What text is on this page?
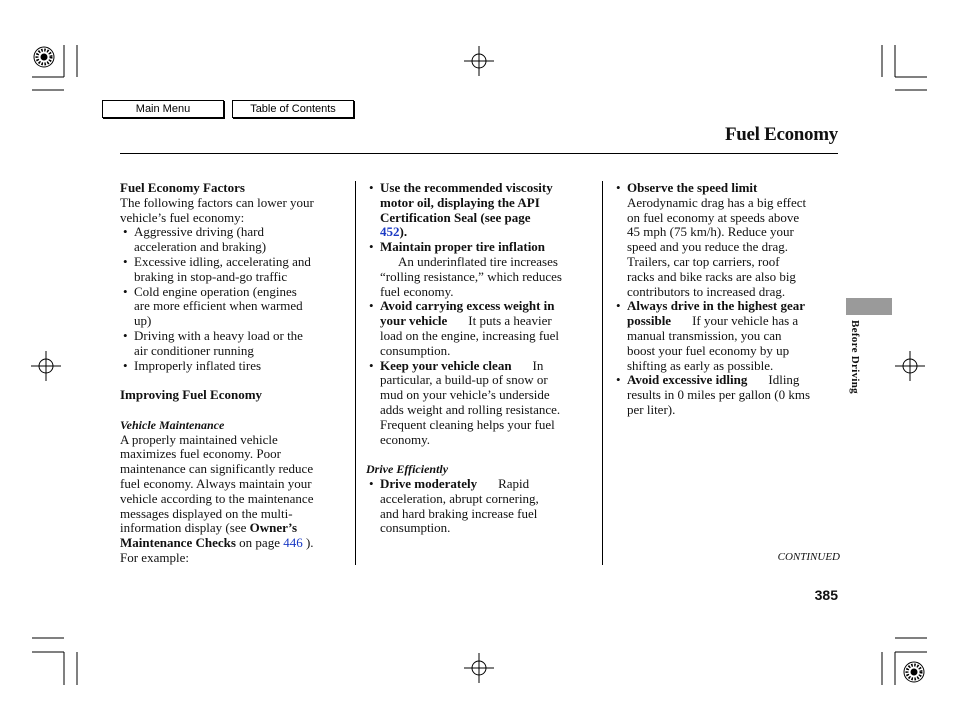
Main Menu	Table of Contents
Fuel Economy

Fuel Economy Factors

The following factors can lower your

vehicle’s fuel economy:

• Aggressive driving (hard

acceleration and braking)

• Excessive idling, accelerating and

braking in stop-and-go traffic

• Cold engine operation (engines

are more efficient when warmed

up)

• Driving with a heavy load or the

air conditioner running

• Improperly inflated tires

Improving Fuel Economy

Vehicle Maintenance

A properly maintained vehicle

maximizes fuel economy. Poor

maintenance can significantly reduce

fuel economy. Always maintain your

vehicle according to the maintenance

messages displayed on the multi-

information display (see Owner’s

Maintenance Checks on page 446 ).

For example:

• Use the recommended viscosity

motor oil, displaying the API

Certification Seal (see page

452).

• Maintain proper tire inflation

An underinflated tire increases

“rolling resistance,” which reduces

fuel economy.

• Avoid carrying excess weight in

your vehicle It puts a heavier

load on the engine, increasing fuel

consumption.

• Keep your vehicle clean In

particular, a build-up of snow or

mud on your vehicle’s underside

adds weight and rolling resistance.

Frequent cleaning helps your fuel

economy.

Drive Efficiently

• Drive moderately Rapid

acceleration, abrupt cornering,

and hard braking increase fuel

consumption.

• Observe the speed limit

Aerodynamic drag has a big effect

on fuel economy at speeds above

45 mph (75 km/h). Reduce your

speed and you reduce the drag.

Trailers, car top carriers, roof

racks and bike racks are also big

contributors to increased drag.

• Always drive in the highest gear

possible If your vehicle has a

manual transmission, you can

boost your fuel economy by up

shifting as early as possible.

• Avoid excessive idling Idling

results in 0 miles per gallon (0 kms

per liter).

Before Driving
CONTINUED
385
